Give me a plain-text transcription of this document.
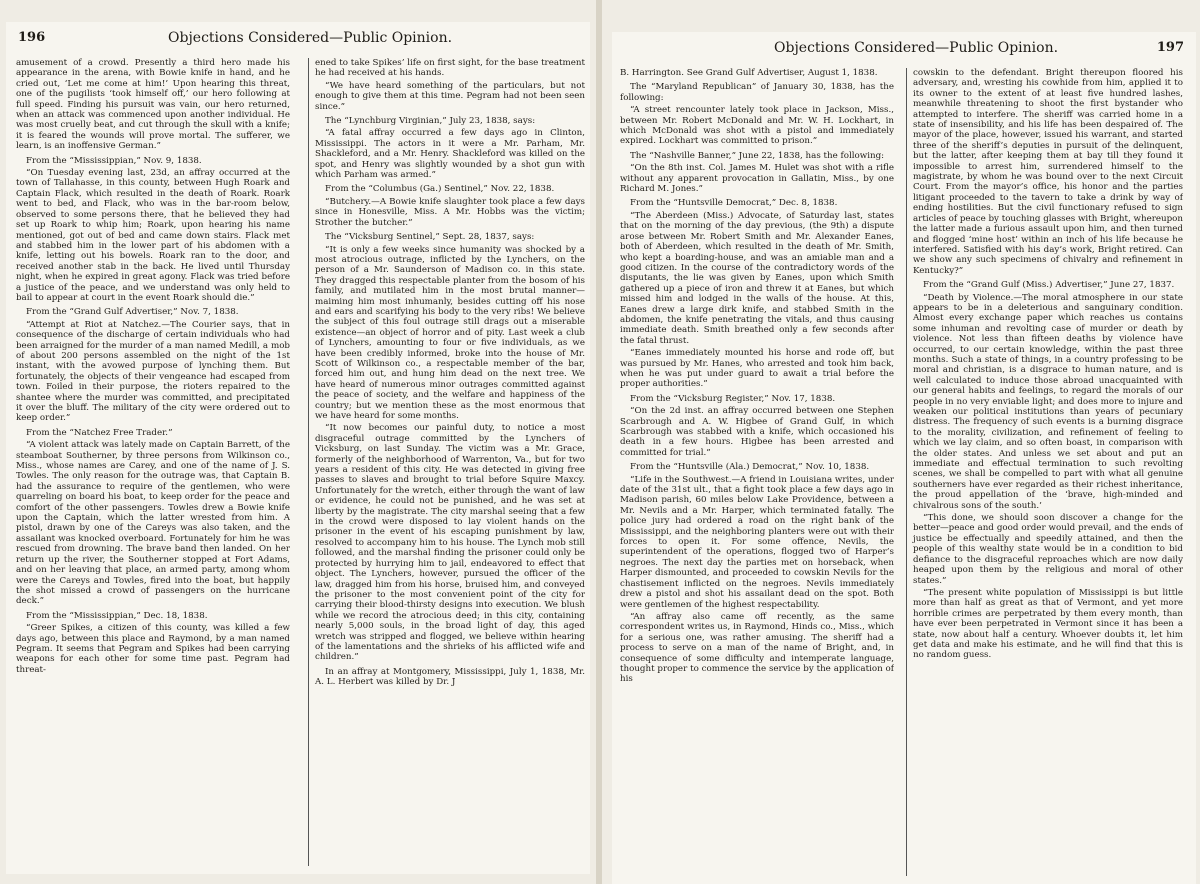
196	Objections Considered—Public Opinion.

amusement of a crowd. Presently a third hero made his appearance in the arena, with Bowie knife in hand, and he cried out, ‘Let me come at him!’ Upon hearing this threat, one of the pugilists ‘took himself off,’ our hero following at full speed. Finding his pursuit was vain, our hero returned, when an attack was commenced upon another individual. He was most cruelly beat, and cut through the skull with a knife; it is feared the wounds will prove mortal. The sufferer, we learn, is an inoffensive German.”

From the “Mississippian,” Nov. 9, 1838.

“On Tuesday evening last, 23d, an affray occurred at the town of Tallahasse, in this county, between Hugh Roark and Captain Flack, which resulted in the death of Roark. Roark went to bed, and Flack, who was in the bar-room below, observed to some persons there, that he believed they had set up Roark to whip him; Roark, upon hearing his name mentioned, got out of bed and came down stairs. Flack met and stabbed him in the lower part of his abdomen with a knife, letting out his bowels. Roark ran to the door, and received another stab in the back. He lived until Thursday night, when he expired in great agony. Flack was tried before a justice of the peace, and we understand was only held to bail to appear at court in the event Roark should die.”

From the “Grand Gulf Advertiser,” Nov. 7, 1838.

“Attempt at Riot at Natchez.—The Courier says, that in consequence of the discharge of certain individuals who had been arraigned for the murder of a man named Medill, a mob of about 200 persons assembled on the night of the 1st instant, with the avowed purpose of lynching them. But fortunately, the objects of their vengeance had escaped from town. Foiled in their purpose, the rioters repaired to the shantee where the murder was committed, and precipitated it over the bluff. The military of the city were ordered out to keep order.”

From the “Natchez Free Trader.”

“A violent attack was lately made on Captain Barrett, of the steamboat Southerner, by three persons from Wilkinson co., Miss., whose names are Carey, and one of the name of J. S. Towles. The only reason for the outrage was, that Captain B. had the assurance to require of the gentlemen, who were quarreling on board his boat, to keep order for the peace and comfort of the other passengers. Towles drew a Bowie knife upon the Captain, which the latter wrested from him. A pistol, drawn by one of the Careys was also taken, and the assailant was knocked overboard. Fortunately for him he was rescued from drowning. The brave band then landed. On her return up the river, the Southerner stopped at Fort Adams, and on her leaving that place, an armed party, among whom were the Careys and Towles, fired into the boat, but happily the shot missed a crowd of passengers on the hurricane deck.”

From the “Mississippian,” Dec. 18, 1838.

“Greer Spikes, a citizen of this county, was killed a few days ago, between this place and Raymond, by a man named Pegram. It seems that Pegram and Spikes had been carrying weapons for each other for some time past. Pegram had threat-

ened to take Spikes’ life on first sight, for the base treatment he had received at his hands.

“We have heard something of the particulars, but not enough to give them at this time. Pegram had not been seen since.”

The “Lynchburg Virginian,” July 23, 1838, says:

“A fatal affray occurred a few days ago in Clinton, Mississippi. The actors in it were a Mr. Parham, Mr. Shackleford, and a Mr. Henry. Shackleford was killed on the spot, and Henry was slightly wounded by a shot gun with which Parham was armed.”

From the “Columbus (Ga.) Sentinel,” Nov. 22, 1838.

“Butchery.—A Bowie knife slaughter took place a few days since in Honesville, Miss. A Mr. Hobbs was the victim; Strother the butcher.”

The “Vicksburg Sentinel,” Sept. 28, 1837, says:

“It is only a few weeks since humanity was shocked by a most atrocious outrage, inflicted by the Lynchers, on the person of a Mr. Saunderson of Madison co. in this state. They dragged this respectable planter from the bosom of his family, and mutilated him in the most brutal manner—maiming him most inhumanly, besides cutting off his nose and ears and scarifying his body to the very ribs! We believe the subject of this foul outrage still drags out a miserable existence—an object of horror and of pity. Last week a club of Lynchers, amounting to four or five individuals, as we have been credibly informed, broke into the house of Mr. Scott of Wilkinson co., a respectable member of the bar, forced him out, and hung him dead on the next tree. We have heard of numerous minor outrages committed against the peace of society, and the welfare and happiness of the country; but we mention these as the most enormous that we have heard for some months.

“It now becomes our painful duty, to notice a most disgraceful outrage committed by the Lynchers of Vicksburg, on last Sunday. The victim was a Mr. Grace, formerly of the neighborhood of Warrenton, Va., but for two years a resident of this city. He was detected in giving free passes to slaves and brought to trial before Squire Maxcy. Unfortunately for the wretch, either through the want of law or evidence, he could not be punished, and he was set at liberty by the magistrate. The city marshal seeing that a few in the crowd were disposed to lay violent hands on the prisoner in the event of his escaping punishment by law, resolved to accompany him to his house. The Lynch mob still followed, and the marshal finding the prisoner could only be protected by hurrying him to jail, endeavored to effect that object. The Lynchers, however, pursued the officer of the law, dragged him from his horse, bruised him, and conveyed the prisoner to the most convenient point of the city for carrying their blood-thirsty designs into execution. We blush while we record the atrocious deed; in this city, containing nearly 5,000 souls, in the broad light of day, this aged wretch was stripped and flogged, we believe within hearing of the lamentations and the shrieks of his afflicted wife and children.”

In an affray at Montgomery, Mississippi, July 1, 1838, Mr. A. L. Herbert was killed by Dr. J

Objections Considered—Public Opinion.	197

B. Harrington. See Grand Gulf Advertiser, August 1, 1838.

The “Maryland Republican” of January 30, 1838, has the following:

“A street rencounter lately took place in Jackson, Miss., between Mr. Robert McDonald and Mr. W. H. Lockhart, in which McDonald was shot with a pistol and immediately expired. Lockhart was committed to prison.”

The “Nashville Banner,” June 22, 1838, has the following:

“On the 8th inst. Col. James M. Hulet was shot with a rifle without any apparent provocation in Gallatin, Miss., by one Richard M. Jones.”

From the “Huntsville Democrat,” Dec. 8, 1838.

“The Aberdeen (Miss.) Advocate, of Saturday last, states that on the morning of the day previous, (the 9th) a dispute arose between Mr. Robert Smith and Mr. Alexander Eanes, both of Aberdeen, which resulted in the death of Mr. Smith, who kept a boarding-house, and was an amiable man and a good citizen. In the course of the contradictory words of the disputants, the lie was given by Eanes, upon which Smith gathered up a piece of iron and threw it at Eanes, but which missed him and lodged in the walls of the house. At this, Eanes drew a large dirk knife, and stabbed Smith in the abdomen, the knife penetrating the vitals, and thus causing immediate death. Smith breathed only a few seconds after the fatal thrust.

“Eanes immediately mounted his horse and rode off, but was pursued by Mr. Hanes, who arrested and took him back, when he was put under guard to await a trial before the proper authorities.”

From the “Vicksburg Register,” Nov. 17, 1838.

“On the 2d inst. an affray occurred between one Stephen Scarbrough and A. W. Higbee of Grand Gulf, in which Scarbrough was stabbed with a knife, which occasioned his death in a few hours. Higbee has been arrested and committed for trial.”

From the “Huntsville (Ala.) Democrat,” Nov. 10, 1838.

“Life in the Southwest.—A friend in Louisiana writes, under date of the 31st ult., that a fight took place a few days ago in Madison parish, 60 miles below Lake Providence, between a Mr. Nevils and a Mr. Harper, which terminated fatally. The police jury had ordered a road on the right bank of the Mississippi, and the neighboring planters were out with their forces to open it. For some offence, Nevils, the superintendent of the operations, flogged two of Harper’s negroes. The next day the parties met on horseback, when Harper dismounted, and proceeded to cowskin Nevils for the chastisement inflicted on the negroes. Nevils immediately drew a pistol and shot his assailant dead on the spot. Both were gentlemen of the highest respectability.

“An affray also came off recently, as the same correspondent writes us, in Raymond, Hinds co., Miss., which for a serious one, was rather amusing. The sheriff had a process to serve on a man of the name of Bright, and, in consequence of some difficulty and intemperate language, thought proper to commence the service by the application of his

cowskin to the defendant. Bright thereupon floored his adversary, and, wresting his cowhide from him, applied it to its owner to the extent of at least five hundred lashes, meanwhile threatening to shoot the first bystander who attempted to interfere. The sheriff was carried home in a state of insensibility, and his life has been despaired of. The mayor of the place, however, issued his warrant, and started three of the sheriff’s deputies in pursuit of the delinquent, but the latter, after keeping them at bay till they found it impossible to arrest him, surrendered himself to the magistrate, by whom he was bound over to the next Circuit Court. From the mayor’s office, his honor and the parties litigant proceeded to the tavern to take a drink by way of ending hostilities. But the civil functionary refused to sign articles of peace by touching glasses with Bright, whereupon the latter made a furious assault upon him, and then turned and flogged ‘mine host’ within an inch of his life because he interfered. Satisfied with his day’s work, Bright retired. Can we show any such specimens of chivalry and refinement in Kentucky?”

From the “Grand Gulf (Miss.) Advertiser,” June 27, 1837.

“Death by Violence.—The moral atmosphere in our state appears to be in a deleterious and sanguinary condition. Almost every exchange paper which reaches us contains some inhuman and revolting case of murder or death by violence. Not less than fifteen deaths by violence have occurred, to our certain knowledge, within the past three months. Such a state of things, in a country professing to be moral and christian, is a disgrace to human nature, and is well calculated to induce those abroad unacquainted with our general habits and feelings, to regard the morals of our people in no very enviable light; and does more to injure and weaken our political institutions than years of pecuniary distress. The frequency of such events is a burning disgrace to the morality, civilization, and refinement of feeling to which we lay claim, and so often boast, in comparison with the older states. And unless we set about and put an immediate and effectual termination to such revolting scenes, we shall be compelled to part with what all genuine southerners have ever regarded as their richest inheritance, the proud appellation of the ‘brave, high-minded and chivalrous sons of the south.’

“This done, we should soon discover a change for the better—peace and good order would prevail, and the ends of justice be effectually and speedily attained, and then the people of this wealthy state would be in a condition to bid defiance to the disgraceful reproaches which are now daily heaped upon them by the religious and moral of other states.”

“The present white population of Mississippi is but little more than half as great as that of Vermont, and yet more horrible crimes are perpetrated by them every month, than have ever been perpetrated in Vermont since it has been a state, now about half a century. Whoever doubts it, let him get data and make his estimate, and he will find that this is no random guess.
